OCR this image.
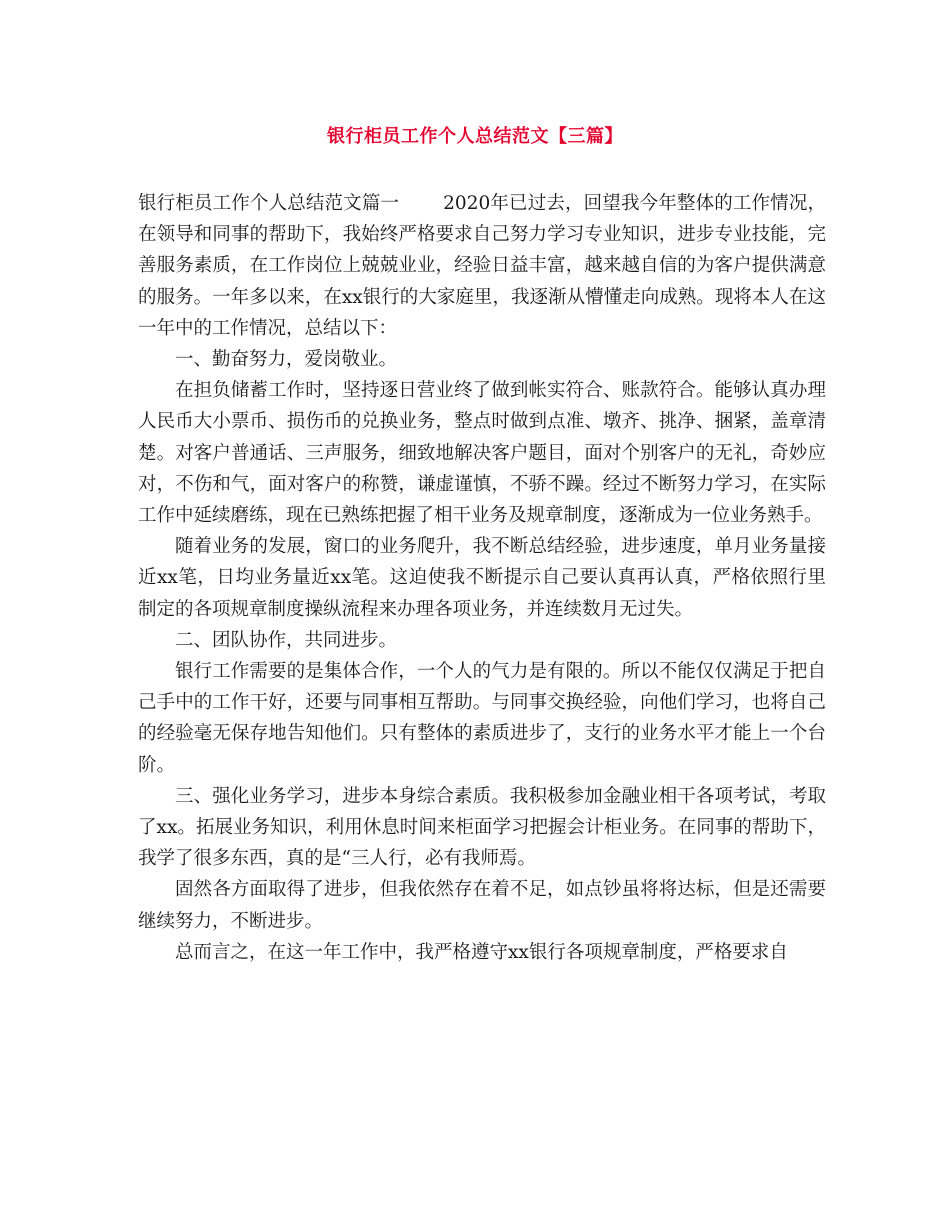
银行柜员工作个人总结范文【三篇】

银行柜员工作个人总结范文篇一 2020年已过去，回望我今年整体的工作情况，在领导和同事的帮助下，我始终严格要求自己努力学习专业知识，进步专业技能，完善服务素质，在工作岗位上兢兢业业，经验日益丰富，越来越自信的为客户提供满意的服务。一年多以来，在xx银行的大家庭里，我逐渐从懵懂走向成熟。现将本人在这一年中的工作情况，总结以下：

一、勤奋努力，爱岗敬业。

在担负储蓄工作时，坚持逐日营业终了做到帐实符合、账款符合。能够认真办理人民币大小票币、损伤币的兑换业务，整点时做到点准、墩齐、挑净、捆紧，盖章清楚。对客户普通话、三声服务，细致地解决客户题目，面对个别客户的无礼，奇妙应对，不伤和气，面对客户的称赞，谦虚谨慎，不骄不躁。经过不断努力学习，在实际工作中延续磨练，现在已熟练把握了相干业务及规章制度，逐渐成为一位业务熟手。

随着业务的发展，窗口的业务爬升，我不断总结经验，进步速度，单月业务量接近xx笔，日均业务量近xx笔。这迫使我不断提示自己要认真再认真，严格依照行里制定的各项规章制度操纵流程来办理各项业务，并连续数月无过失。

二、团队协作，共同进步。

银行工作需要的是集体合作，一个人的气力是有限的。所以不能仅仅满足于把自己手中的工作干好，还要与同事相互帮助。与同事交换经验，向他们学习，也将自己的经验毫无保存地告知他们。只有整体的素质进步了，支行的业务水平才能上一个台阶。

三、强化业务学习，进步本身综合素质。我积极参加金融业相干各项考试，考取了xx。拓展业务知识，利用休息时间来柜面学习把握会计柜业务。在同事的帮助下，我学了很多东西，真的是“三人行，必有我师焉。

固然各方面取得了进步，但我依然存在着不足，如点钞虽将将达标，但是还需要继续努力，不断进步。

总而言之，在这一年工作中，我严格遵守xx银行各项规章制度，严格要求自
